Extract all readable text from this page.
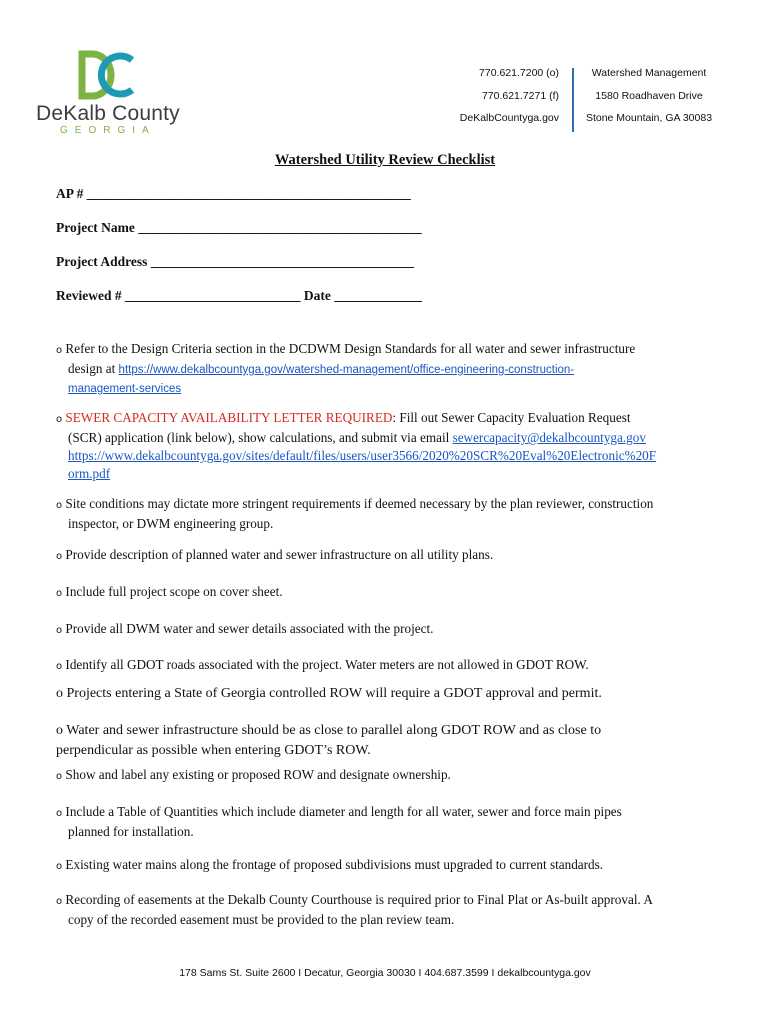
DeKalb County
GEORGIA
770.621.7200 (o)
770.621.7271 (f)
DeKalbCountyga.gov
Watershed Management
1580 Roadhaven Drive
Stone Mountain, GA 30083
Watershed Utility Review Checklist
AP # ________________________________________________
Project Name __________________________________________
Project Address _______________________________________
Reviewed # __________________________ Date _____________
o Refer to the Design Criteria section in the DCDWM Design Standards for all water and sewer infrastructure
design at https://www.dekalbcountyga.gov/watershed-management/office-engineering-construction-
management-services
o SEWER CAPACITY AVAILABILITY LETTER REQUIRED: Fill out Sewer Capacity Evaluation Request
(SCR) application (link below), show calculations, and submit via email sewercapacity@dekalbcountyga.gov
https://www.dekalbcountyga.gov/sites/default/files/users/user3566/2020%20SCR%20Eval%20Electronic%20F
orm.pdf
o Site conditions may dictate more stringent requirements if deemed necessary by the plan reviewer, construction
inspector, or DWM engineering group.
o Provide description of planned water and sewer infrastructure on all utility plans.
o Include full project scope on cover sheet.
o Provide all DWM water and sewer details associated with the project.
o Identify all GDOT roads associated with the project. Water meters are not allowed in GDOT ROW.
o Projects entering a State of Georgia controlled ROW will require a GDOT approval and permit.
o Water and sewer infrastructure should be as close to parallel along GDOT ROW and as close to
perpendicular as possible when entering GDOT’s ROW.
o Show and label any existing or proposed ROW and designate ownership.
o Include a Table of Quantities which include diameter and length for all water, sewer and force main pipes
planned for installation.
o Existing water mains along the frontage of proposed subdivisions must upgraded to current standards.
o Recording of easements at the Dekalb County Courthouse is required prior to Final Plat or As-built approval. A
copy of the recorded easement must be provided to the plan review team.
178 Sams St. Suite 2600 I Decatur, Georgia 30030 I 404.687.3599 I dekalbcountyga.gov
